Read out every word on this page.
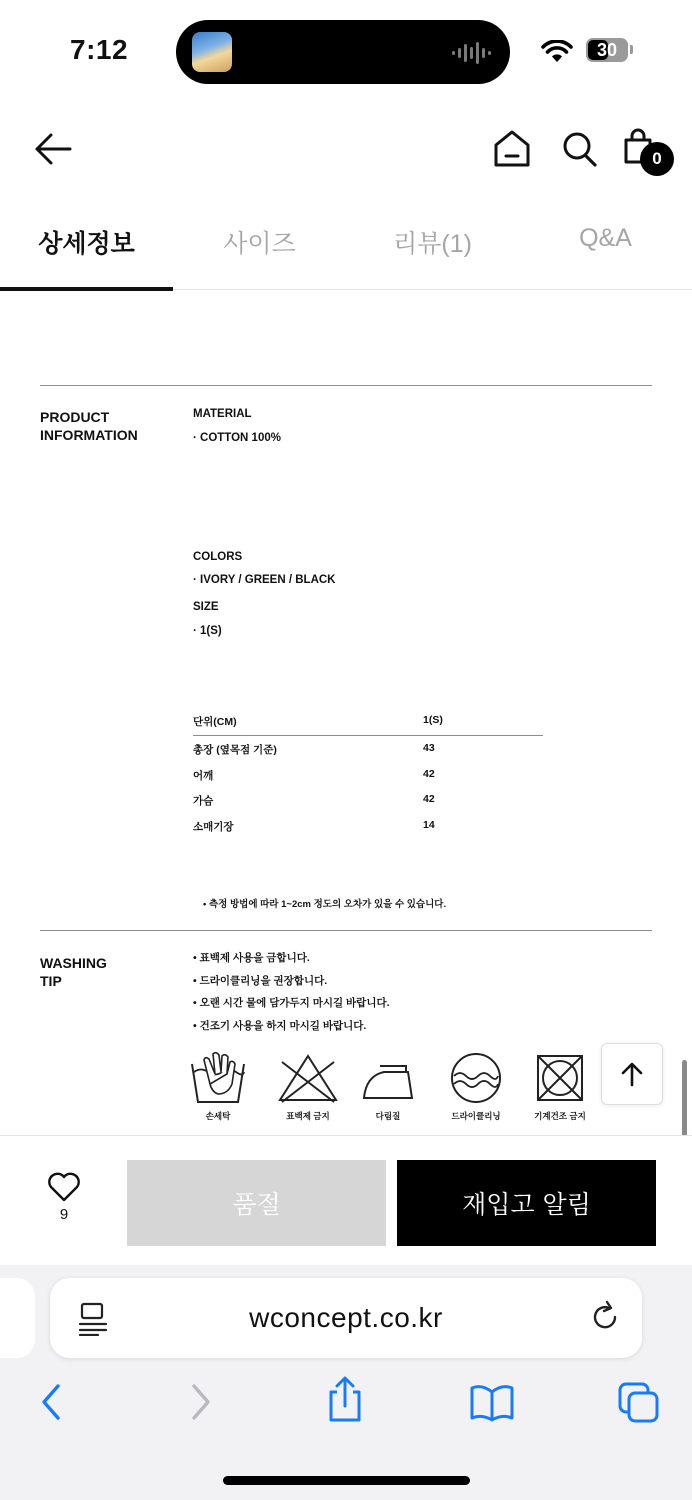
7:12	30
0
상세정보	사이즈	리뷰(1)	Q&A
PRODUCT
INFORMATION
MATERIAL
· COTTON 100%
COLORS
· IVORY / GREEN / BLACK
SIZE
· 1(S)
단위(CM)	1(S)
총장 (옆목점 기준)	43
어깨	42
가슴	42
소매기장	14
• 측정 방법에 따라 1~2cm 정도의 오차가 있을 수 있습니다.
WASHING
TIP
• 표백제 사용을 금합니다.
• 드라이클리닝을 권장합니다.
• 오랜 시간 물에 담가두지 마시길 바랍니다.
• 건조기 사용을 하지 마시길 바랍니다.
손세탁	표백제 금지	다림질	드라이클리닝	기계건조 금지
9	품절	재입고 알림
wconcept.co.kr
